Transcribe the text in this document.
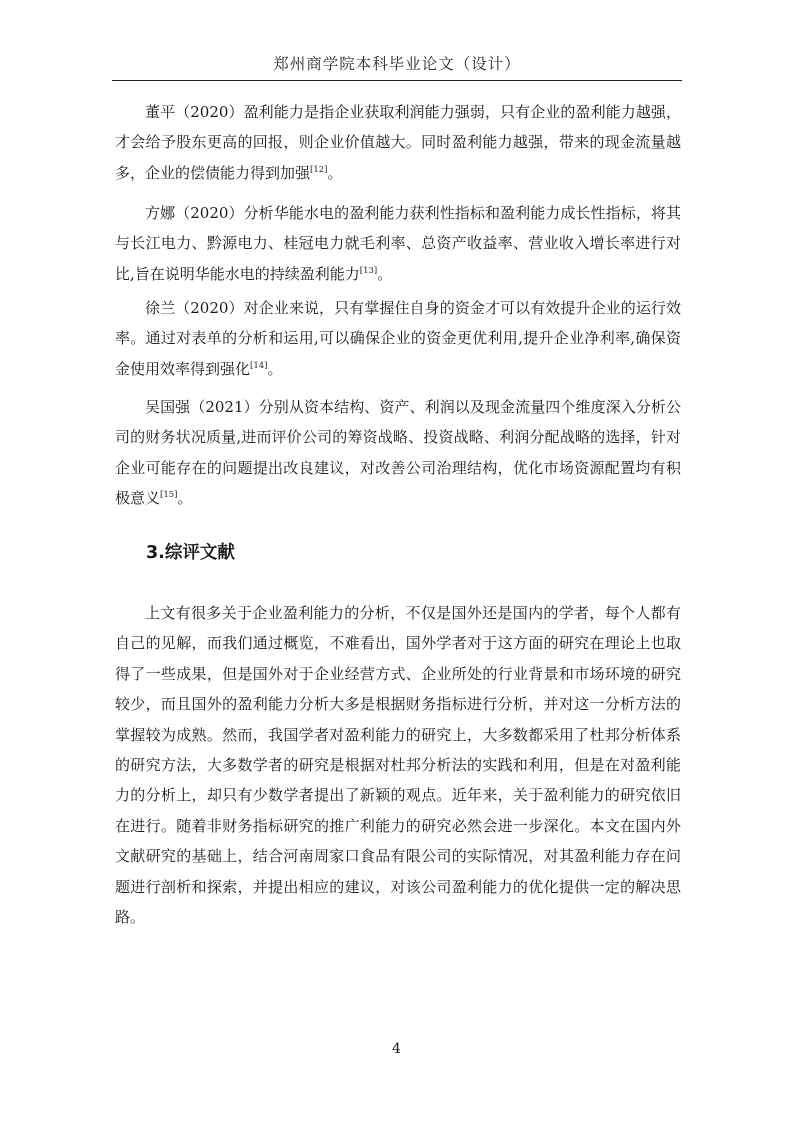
郑州商学院本科毕业论文（设计）

董平（2020）盈利能力是指企业获取利润能力强弱，只有企业的盈利能力越强，才会给予股东更高的回报，则企业价值越大。同时盈利能力越强，带来的现金流量越多，企业的偿债能力得到加强[12]。

方娜（2020）分析华能水电的盈利能力获利性指标和盈利能力成长性指标，将其与长江电力、黔源电力、桂冠电力就毛利率、总资产收益率、营业收入增长率进行对比,旨在说明华能水电的持续盈利能力[13]。

徐兰（2020）对企业来说，只有掌握住自身的资金才可以有效提升企业的运行效率。通过对表单的分析和运用,可以确保企业的资金更优利用,提升企业净利率,确保资金使用效率得到强化[14]。

吴国强（2021）分别从资本结构、资产、利润以及现金流量四个维度深入分析公司的财务状况质量,进而评价公司的筹资战略、投资战略、利润分配战略的选择，针对企业可能存在的问题提出改良建议，对改善公司治理结构，优化市场资源配置均有积极意义[15]。

3.综评文献

上文有很多关于企业盈利能力的分析，不仅是国外还是国内的学者，每个人都有自己的见解，而我们通过概览，不难看出，国外学者对于这方面的研究在理论上也取得了一些成果，但是国外对于企业经营方式、企业所处的行业背景和市场环境的研究较少，而且国外的盈利能力分析大多是根据财务指标进行分析，并对这一分析方法的掌握较为成熟。然而，我国学者对盈利能力的研究上，大多数都采用了杜邦分析体系的研究方法，大多数学者的研究是根据对杜邦分析法的实践和利用，但是在对盈利能力的分析上，却只有少数学者提出了新颖的观点。近年来，关于盈利能力的研究依旧在进行。随着非财务指标研究的推广利能力的研究必然会进一步深化。本文在国内外文献研究的基础上，结合河南周家口食品有限公司的实际情况，对其盈利能力存在问题进行剖析和探索，并提出相应的建议，对该公司盈利能力的优化提供一定的解决思路。

4
